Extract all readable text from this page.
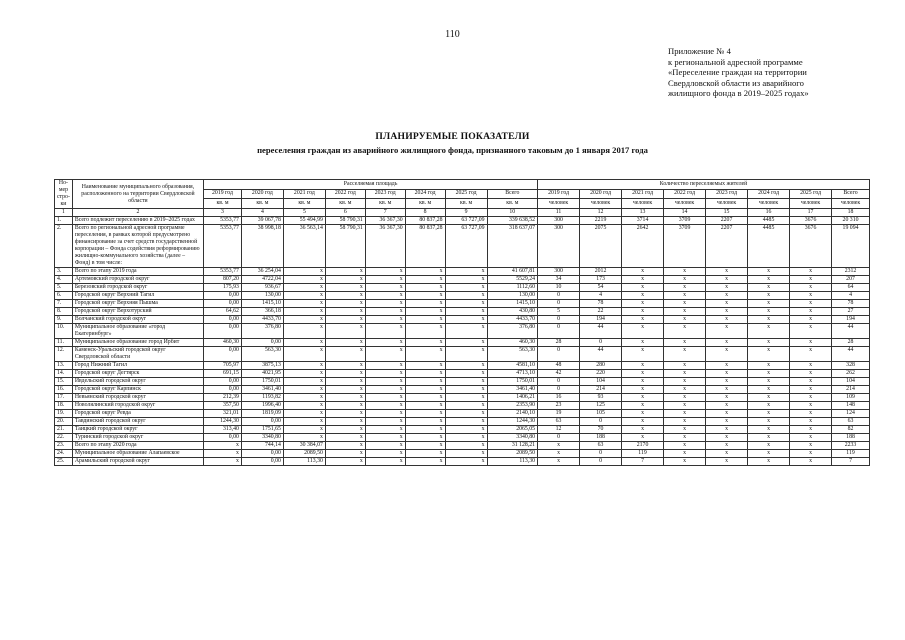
110
Приложение № 4
к региональной адресной программе
«Переселение граждан на территории
Свердловской области из аварийного
жилищного фонда в 2019–2025 годах»
ПЛАНИРУЕМЫЕ ПОКАЗАТЕЛИ
переселения граждан из аварийного жилищного фонда, признанного таковым до 1 января 2017 года
Но-мер стро-ки	Наименование муниципального образования, расположенного на территории Свердловской области	Расселяемая площадь								Количество переселяемых жителей							
		2019 год	2020 год	2021 год	2022 год	2023 год	2024 год	2025 год	Всего	2019 год	2020 год	2021 год	2022 год	2023 год	2024 год	2025 год	Всего
		кв. м	кв. м	кв. м	кв. м	кв. м	кв. м	кв. м	кв. м	человек	человек	человек	человек	человек	человек	человек	человек
1	2	3	4	5	6	7	8	9	10	11	12	13	14	15	16	17	18
1.	Всего подлежит переселению в 2019–2025 годах	5353,77	39 067,78	55 494,99	58 790,31	36 367,30	80 837,28	63 727,09	339 638,52	300	2219	3714	3709	2207	4485	3676	20 310
2.	Всего по региональной адресной программе переселения, в рамках которой предусмотрено финансирование за счет средств государственной корпорации – Фонда содействия реформированию жилищно-коммунального хозяйства (далее – Фонд) в том числе:	5353,77	38 998,18	36 563,14	58 790,31	36 367,30	80 837,28	63 727,09	318 637,07	300	2075	2642	3709	2207	4485	3676	19 094
3.	Всего по этапу 2019 года	5353,77	36 254,04	х	х	х	х	х	41 607,81	300	2012	х	х	х	х	х	2312
4.	Артемовский городской округ	807,20	4722,04	х	х	х	х	х	5529,24	34	173	х	х	х	х	х	207
5.	Березовский городской округ	175,93	936,67	х	х	х	х	х	1112,60	10	54	х	х	х	х	х	64
6.	Городской округ Верхний Тагил	0,00	130,00	х	х	х	х	х	130,00	0	4	х	х	х	х	х	4
7.	Городской округ Верхняя Пышма	0,00	1415,10	х	х	х	х	х	1415,10	0	78	х	х	х	х	х	78
8.	Городской округ Верхотурский	64,62	366,18	х	х	х	х	х	430,80	5	22	х	х	х	х	х	27
9.	Волчанский городской округ	0,00	4433,70	х	х	х	х	х	4433,70	0	194	х	х	х	х	х	194
10.	Муниципальное образование «город Екатеринбург»	0,00	376,80	х	х	х	х	х	376,80	0	44	х	х	х	х	х	44
11.	Муниципальное образование город Ирбит	460,30	0,00	х	х	х	х	х	460,30	28	0	х	х	х	х	х	28
12.	Каменск-Уральский городской округ Свердловской области	0,00	563,30	х	х	х	х	х	563,30	0	44	х	х	х	х	х	44
13.	Город Нижний Тагил	705,97	3875,13	х	х	х	х	х	4581,10	48	280	х	х	х	х	х	328
14.	Городской округ Дегтярск	691,15	4021,95	х	х	х	х	х	4713,10	42	220	х	х	х	х	х	262
15.	Ивдельский городской округ	0,00	1750,01	х	х	х	х	х	1750,01	0	104	х	х	х	х	х	104
16.	Городской округ Карпинск	0,00	3461,40	х	х	х	х	х	3461,40	0	214	х	х	х	х	х	214
17.	Невьянский городской округ	212,39	1193,82	х	х	х	х	х	1406,21	16	93	х	х	х	х	х	109
18.	Новолялинский городской округ	357,50	1996,40	х	х	х	х	х	2353,90	23	125	х	х	х	х	х	148
19.	Городской округ Ревда	321,01	1819,09	х	х	х	х	х	2140,10	19	105	х	х	х	х	х	124
20.	Тавдинский городской округ	1244,30	0,00	х	х	х	х	х	1244,30	63	0	х	х	х	х	х	63
21.	Таицкий городской округ	313,40	1751,65	х	х	х	х	х	2065,05	12	70	х	х	х	х	х	82
22.	Туринский городской округ	0,00	3340,80	х	х	х	х	х	3340,80	0	188	х	х	х	х	х	188
23.	Всего по этапу 2020 года	х	744,14	30 384,07	х	х	х	х	31 128,21	х	63	2170	х	х	х	х	2233
24.	Муниципальное образование Алапаевское	х	0,00	2089,50	х	х	х	х	2089,50	х	0	119	х	х	х	х	119
25.	Арамильский городской округ	х	0,00	113,30	х	х	х	х	113,30	х	0	7	х	х	х	х	7
